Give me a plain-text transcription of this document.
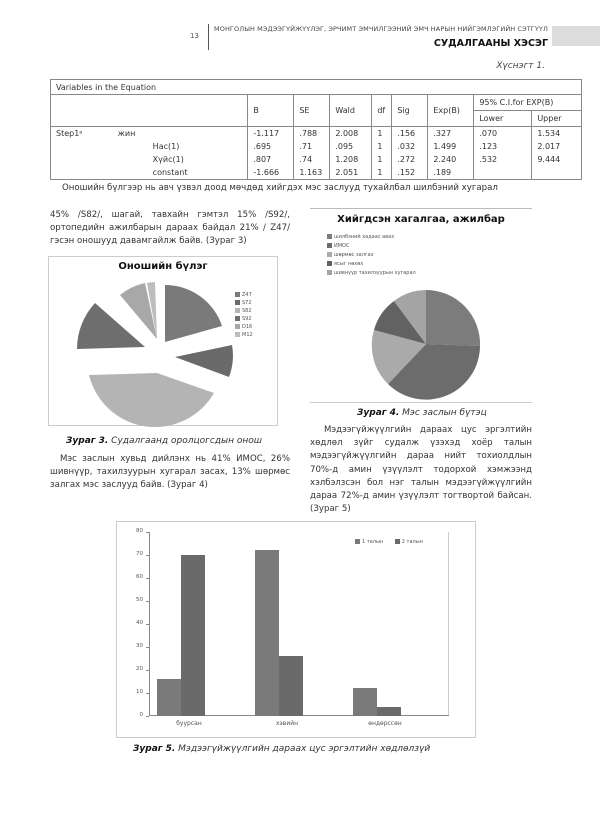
13
МОНГОЛЫН МЭДЭЭГҮЙЖҮҮЛЭГ, ЭРЧИМТ ЭМЧИЛГЭЭНИЙ ЭМЧ НАРЫН НИЙГЭМЛЭГИЙН СЭТГҮҮЛ
СУДАЛГААНЫ ХЭСЭГ
Хүснэгт 1.
Variables in the Equation									
		B	SE	Wald	df	Sig	Exp(B)	95% C.I.for EXP(B)	
								Lower	Upper
Step1ᵃ	жин	-1.117	.788	2.008	1	.156	.327	.070	1.534
	Нас(1)	.695	.71	.095	1	.032	1.499	.123	2.017
	Хүйс(1)	.807	.74	1.208	1	.272	2.240	.532	9.444
	constant	-1.666	1.163	2.051	1	.152	.189		

Оношийн бүлгээр нь авч үзвэл доод мөчдөд хийгдэх мэс заслууд тухайлбал шилбэний хугарал

45% /S82/, шагай, тавхайн гэмтэл 15% /S92/, ортопедийн ажилбарын дараах байдал 21% / Z47/ гэсэн оношууд давамгайлж байв. (Зураг 3)

Оношийн бүлэг
Z47
S72
S82
S92
D16
M12
Зураг 3. Судалгаанд оролцогсдын онош

Мэс заслын хувьд дийлэнх нь 41% ИМОС, 26% шивнүүр, тахилзуурын хугарал засах, 13% шөрмөс залгах мэс заслууд байв. (Зураг 4)

Хийгдсэн хагалгаа, ажилбар
шилбэний хадаас авах
ИМОС
шөрмөс залгах
ясыг нөхөх
шивнүүр тахилзуурын хугарал
Зураг 4. Мэс заслын бүтэц

Мэдээгүйжүүлгийн дараах цус эргэлтийн хөдлөл зүйг судалж үзэхэд хоёр талын мэдээгүйжүүлгийн дараа нийт тохиолдлын 70%-д амин үзүүлэлт тодорхой хэмжээнд хэлбэлзсэн бол нэг талын мэдээгүйжүүлгийн дараа 72%-д амин үзүүлэлт тогтвортой байсан. (Зураг 5)

80
70
60
50
40
30
20
10
0
буурсан	хэвийн	өндөрссөн
1 талын	2 талын
Зураг 5. Мэдээгүйжүүлгийн дараах цус эргэлтийн хөдлөлзүй
